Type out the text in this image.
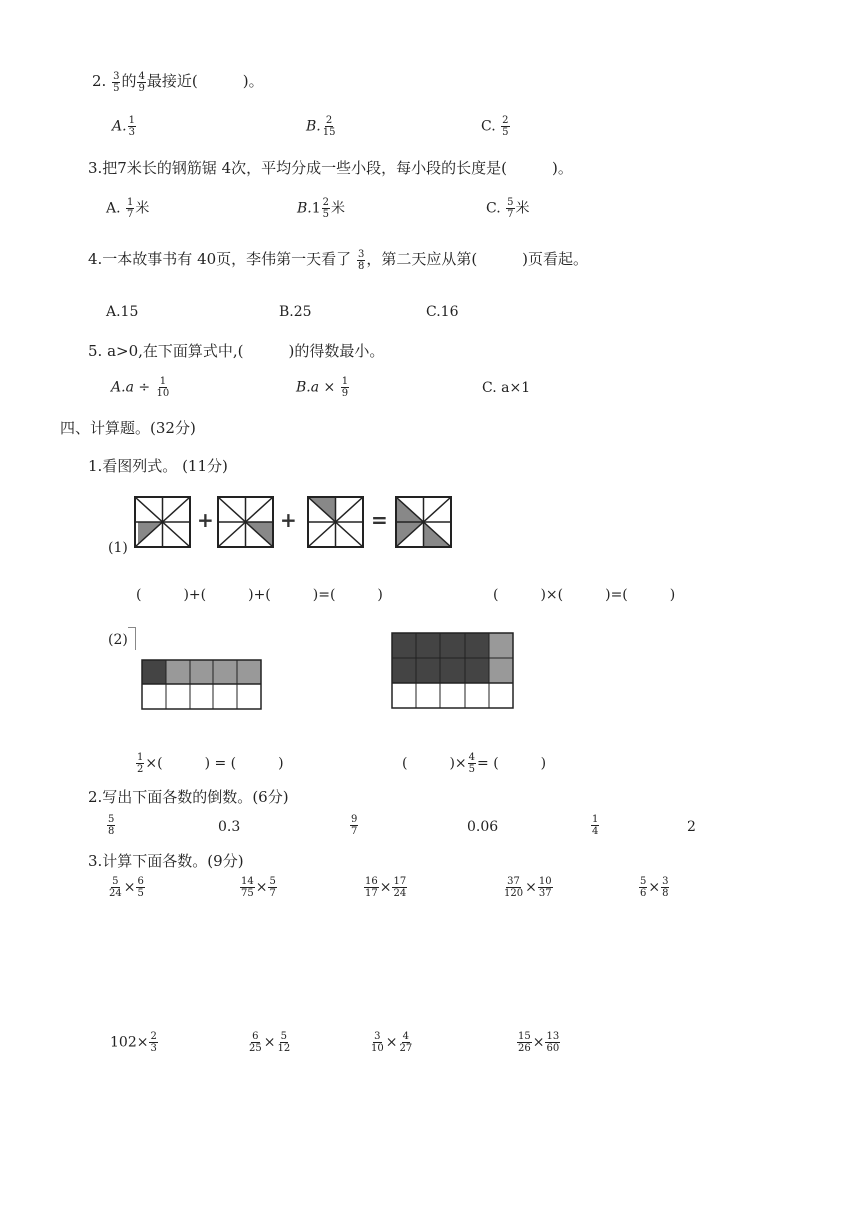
2. $\frac{3}{5}$ 的 $\frac{4}{9}$ 最接近(　　　)。
A. $\frac{1}{3}$	B. $\frac{2}{15}$	C. $\frac{2}{5}$
3.把7米长的钢筋锯 4次，平均分成一些小段，每小段的长度是(　　　)。
A. $\frac{1}{7}$ 米	$B.1 \frac{2}{5}$ 米	C. $\frac{5}{7}$ 米
4.一本故事书有 40页，李伟第一天看了 $\frac{3}{8}$ ，第二天应从第(　　　)页看起。
A.15	B.25	C.16
5. a>0,在下面算式中,(　　　)的得数最小。
$A.a \div \frac{1}{10}$	$B.a \times \frac{1}{9}$	C. a×1
四、计算题。(32分)
1.看图列式。 (11分)
(1)
+	+	=
(　　　)+(　　　)+(　　　)=(　　　)	(　　　)×(　　　)=(　　　)
(2)
$\frac{1}{2}$ ×(　　　) = (　　　)	(　　　)× $\frac{4}{5}$ = (　　　)
2.写出下面各数的倒数。(6分)
$\frac{5}{8}$	0.3	$\frac{9}{7}$	0.06	$\frac{1}{4}$	2
3.计算下面各数。(9分)
$\frac{5}{24} \times \frac{6}{5}$	$\frac{14}{75} \times \frac{5}{7}$	$\frac{16}{17} \times \frac{17}{24}$	$\frac{37}{120} \times \frac{10}{37}$	$\frac{5}{6} \times \frac{3}{8}$
$102\times \frac{2}{3}$	$\frac{6}{25} \times \frac{5}{12}$	$\frac{3}{10} \times \frac{4}{27}$	$\frac{15}{26} \times \frac{13}{60}$
